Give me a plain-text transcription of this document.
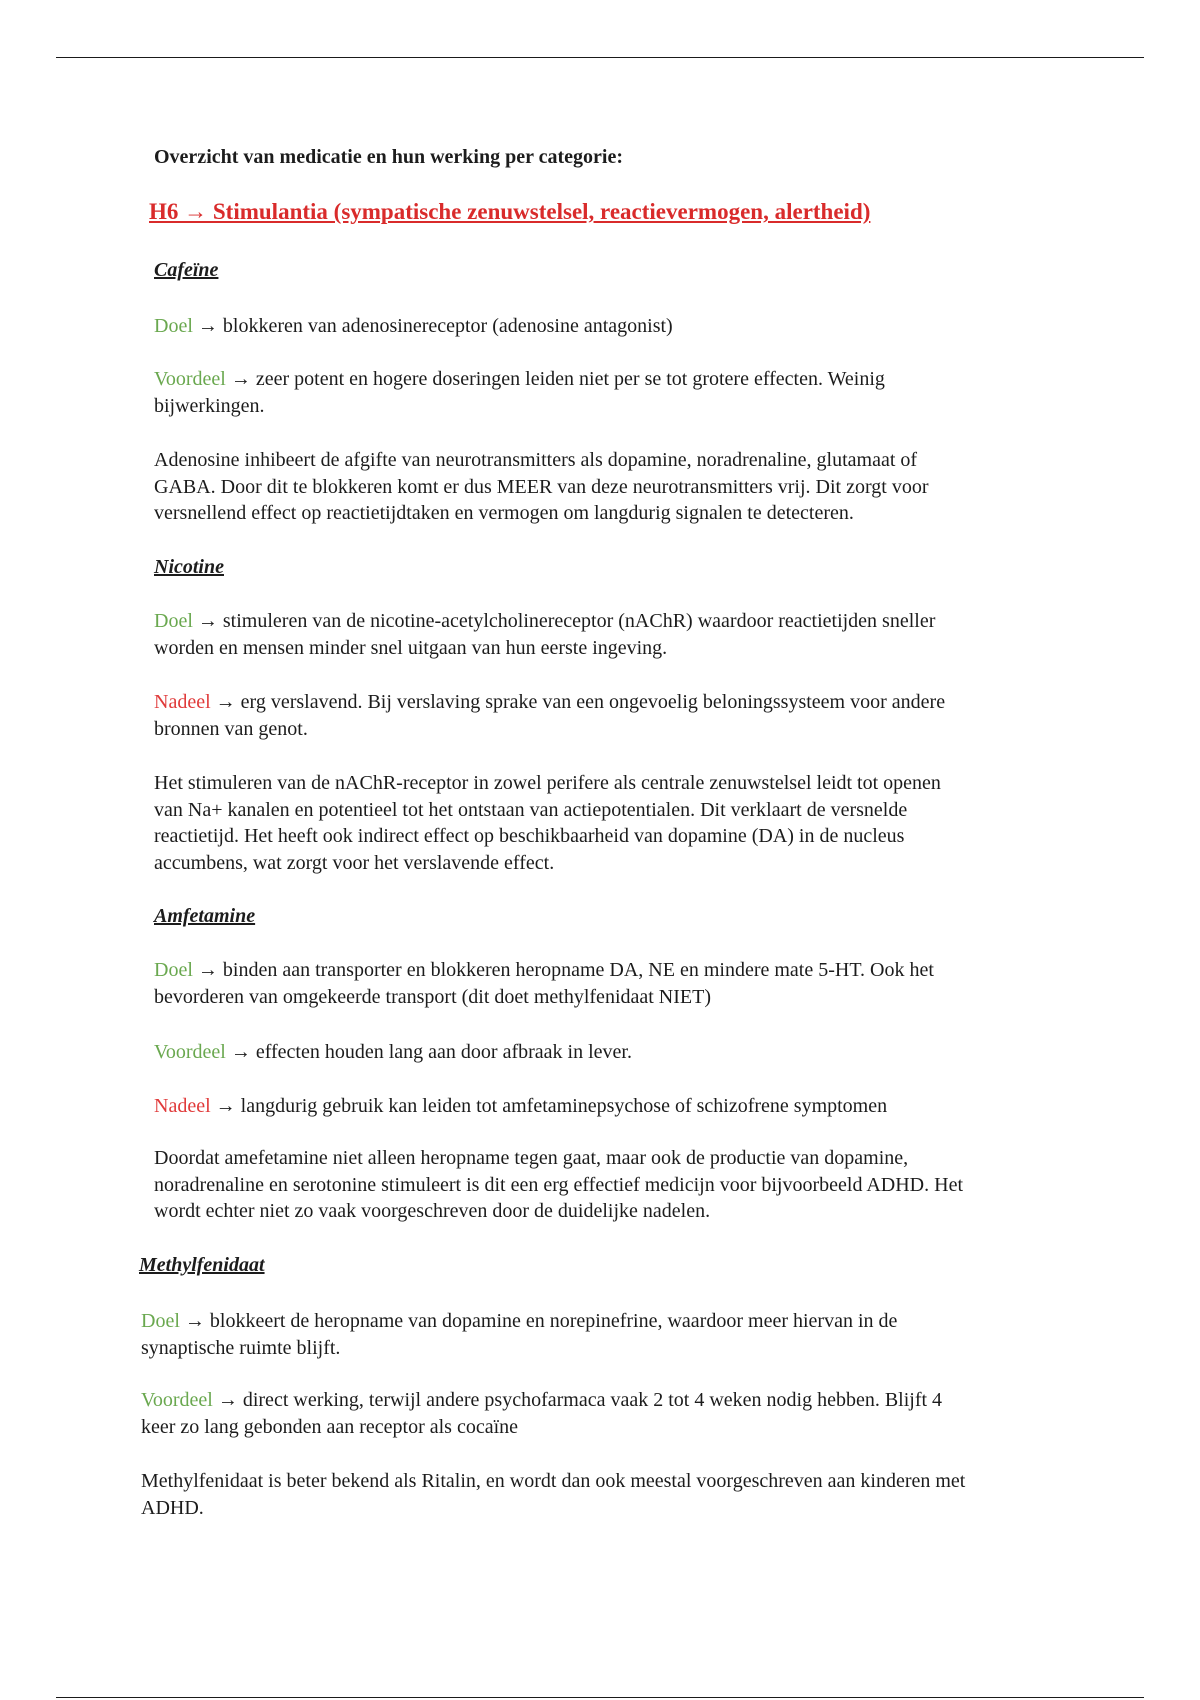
Overzicht van medicatie en hun werking per categorie:
H6 → Stimulantia (sympatische zenuwstelsel, reactievermogen, alertheid)
Cafeïne
Doel → blokkeren van adenosinereceptor (adenosine antagonist)
Voordeel → zeer potent en hogere doseringen leiden niet per se tot grotere effecten. Weinig
bijwerkingen.
Adenosine inhibeert de afgifte van neurotransmitters als dopamine, noradrenaline, glutamaat of
GABA. Door dit te blokkeren komt er dus MEER van deze neurotransmitters vrij. Dit zorgt voor
versnellend effect op reactietijdtaken en vermogen om langdurig signalen te detecteren.
Nicotine
Doel → stimuleren van de nicotine-acetylcholinereceptor (nAChR) waardoor reactietijden sneller
worden en mensen minder snel uitgaan van hun eerste ingeving.
Nadeel → erg verslavend. Bij verslaving sprake van een ongevoelig beloningssysteem voor andere
bronnen van genot.
Het stimuleren van de nAChR-receptor in zowel perifere als centrale zenuwstelsel leidt tot openen
van Na+ kanalen en potentieel tot het ontstaan van actiepotentialen. Dit verklaart de versnelde
reactietijd. Het heeft ook indirect effect op beschikbaarheid van dopamine (DA) in de nucleus
accumbens, wat zorgt voor het verslavende effect.
Amfetamine
Doel → binden aan transporter en blokkeren heropname DA, NE en mindere mate 5-HT. Ook het
bevorderen van omgekeerde transport (dit doet methylfenidaat NIET)
Voordeel → effecten houden lang aan door afbraak in lever.
Nadeel → langdurig gebruik kan leiden tot amfetaminepsychose of schizofrene symptomen
Doordat amefetamine niet alleen heropname tegen gaat, maar ook de productie van dopamine,
noradrenaline en serotonine stimuleert is dit een erg effectief medicijn voor bijvoorbeeld ADHD. Het
wordt echter niet zo vaak voorgeschreven door de duidelijke nadelen.
Methylfenidaat
Doel → blokkeert de heropname van dopamine en norepinefrine, waardoor meer hiervan in de
synaptische ruimte blijft.
Voordeel → direct werking, terwijl andere psychofarmaca vaak 2 tot 4 weken nodig hebben. Blijft 4
keer zo lang gebonden aan receptor als cocaïne
Methylfenidaat is beter bekend als Ritalin, en wordt dan ook meestal voorgeschreven aan kinderen met
ADHD.
